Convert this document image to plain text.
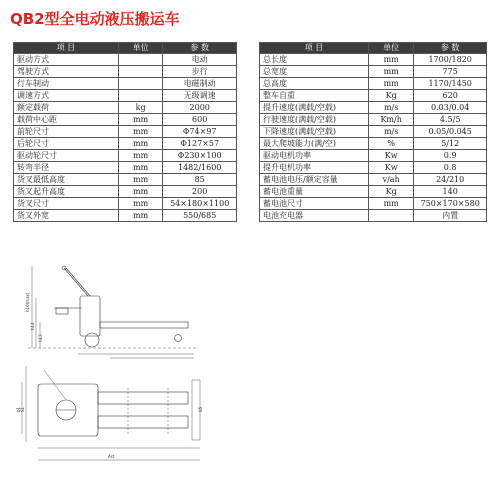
QB2型全电动液压搬运车
项 目	单位	参 数
驱动方式		电动
驾驶方式		步行
行车制动		电磁制动
调速方式		无级调速
额定载荷	kg	2000
载荷中心距	mm	600
前轮尺寸	mm	Φ74×97
后轮尺寸	mm	Φ127×57
驱动轮尺寸	mm	Φ230×100
转弯半径	mm	1482/1600
货叉最低高度	mm	85
货叉起升高度	mm	200
货叉尺寸	mm	54×180×1100
货叉外宽	mm	550/685
项 目	单位	参 数
总长度	mm	1700/1820
总宽度	mm	775
总高度	mm	1170/1450
整车自重	Kg	620
提升速度(满载/空载)	m/s	0.03/0.04
行驶速度(满载/空载)	Km/h	4.5/5
下降速度(满载/空载)	m/s	0.05/0.045
最大爬坡能力(满/空)	%	5/12
驱动电机功率	Kw	0.9
提升电机功率	Kw	0.8
蓄电池电压/额定容量	v/ah	24/210
蓄电池重量	Kg	140
蓄电池尺寸	mm	750×170×580
电池充电器		内置
h16(max)
h14
h13
Ast
S1
b1	b5
